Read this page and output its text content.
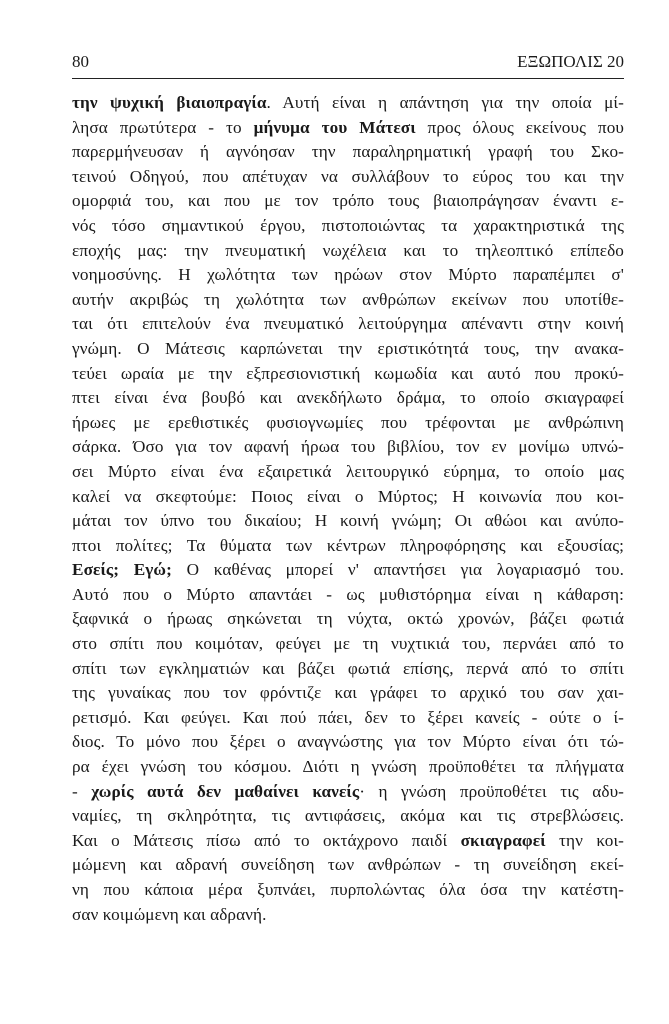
80	ΕΞΩΠΟΛΙΣ 20
την ψυχική βιαιοπραγία. Αυτή είναι η απάντηση για την οποία μί-
λησα πρωτύτερα - το μήνυμα του Μάτεσι προς όλους εκείνους που
παρερμήνευσαν ή αγνόησαν την παραληρηματική γραφή του Σκο-
τεινού Οδηγού, που απέτυχαν να συλλάβουν το εύρος του και την
ομορφιά του, και που με τον τρόπο τους βιαιοπράγησαν έναντι ε-
νός τόσο σημαντικού έργου, πιστοποιώντας τα χαρακτηριστικά της
εποχής μας: την πνευματική νωχέλεια και το τηλεοπτικό επίπεδο
νοημοσύνης. Η χωλότητα των ηρώων στον Μύρτο παραπέμπει σ'
αυτήν ακριβώς τη χωλότητα των ανθρώπων εκείνων που υποτίθε-
ται ότι επιτελούν ένα πνευματικό λειτούργημα απέναντι στην κοινή
γνώμη. Ο Μάτεσις καρπώνεται την εριστικότητά τους, την ανακα-
τεύει ωραία με την εξπρεσιονιστική κωμωδία και αυτό που προκύ-
πτει είναι ένα βουβό και ανεκδήλωτο δράμα, το οποίο σκιαγραφεί
ήρωες με ερεθιστικές φυσιογνωμίες που τρέφονται με ανθρώπινη
σάρκα. Όσο για τον αφανή ήρωα του βιβλίου, τον εν μονίμω υπνώ-
σει Μύρτο είναι ένα εξαιρετικά λειτουργικό εύρημα, το οποίο μας
καλεί να σκεφτούμε: Ποιος είναι ο Μύρτος; Η κοινωνία που κοι-
μάται τον ύπνο του δικαίου; Η κοινή γνώμη; Οι αθώοι και ανύπο-
πτοι πολίτες; Τα θύματα των κέντρων πληροφόρησης και εξουσίας;
Εσείς; Εγώ; Ο καθένας μπορεί ν' απαντήσει για λογαριασμό του.
Αυτό που ο Μύρτο απαντάει - ως μυθιστόρημα είναι η κάθαρση:
ξαφνικά ο ήρωας σηκώνεται τη νύχτα, οκτώ χρονών, βάζει φωτιά
στο σπίτι που κοιμόταν, φεύγει με τη νυχτικιά του, περνάει από το
σπίτι των εγκληματιών και βάζει φωτιά επίσης, περνά από το σπίτι
της γυναίκας που τον φρόντιζε και γράφει το αρχικό του σαν χαι-
ρετισμό. Και φεύγει. Και πού πάει, δεν το ξέρει κανείς - ούτε ο ί-
διος. Το μόνο που ξέρει ο αναγνώστης για τον Μύρτο είναι ότι τώ-
ρα έχει γνώση του κόσμου. Διότι η γνώση προϋποθέτει τα πλήγματα
- χωρίς αυτά δεν μαθαίνει κανείς· η γνώση προϋποθέτει τις αδυ-
ναμίες, τη σκληρότητα, τις αντιφάσεις, ακόμα και τις στρεβλώσεις.
Και ο Μάτεσις πίσω από το οκτάχρονο παιδί σκιαγραφεί την κοι-
μώμενη και αδρανή συνείδηση των ανθρώπων - τη συνείδηση εκεί-
νη που κάποια μέρα ξυπνάει, πυρπολώντας όλα όσα την κατέστη-
σαν κοιμώμενη και αδρανή.
